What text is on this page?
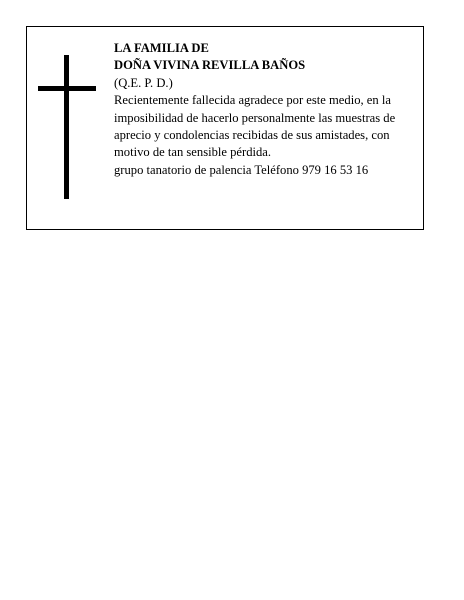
LA FAMILIA DE
DOÑA VIVINA REVILLA BAÑOS

(Q.E. P. D.)

Recientemente fallecida agradece por este medio, en la imposibilidad de hacerlo personalmente las muestras de aprecio y condolencias recibidas de sus amistades, con motivo de tan sensible pérdida.

grupo tanatorio de palencia Teléfono 979 16 53 16
